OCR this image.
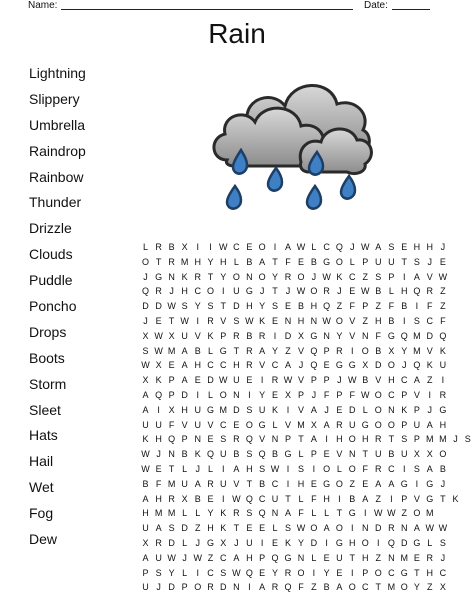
Name:	Date:
Rain
Lightning
Slippery
Umbrella
Raindrop
Rainbow
Thunder
Drizzle
Clouds
Puddle
Poncho
Drops
Boots
Storm
Sleet
Hats
Hail
Wet
Fog
Dew
L	R	B	X	I	I	W	C	E	O	I	A	W	L	C	Q	J	W	A	S	E	H	H	J		
O	T	R	M	H	Y	H	L	B	A	T	F	E	B	G	O	L	P	U	U	T	S	J	E		
J	G	N	K	R	T	Y	O	N	O	Y	R	O	J	W	K	C	Z	S	P	I	A	V	W		
Q	R	J	H	C	O	I	U	G	J	T	J	W	O	R	J	E	W	B	L	H	Q	R	Z		
D	D	W	S	Y	S	T	D	H	Y	S	E	B	H	Q	Z	F	P	Z	F	B	I	F	Z		
J	E	T	W	I	R	V	S	W	K	E	N	H	N	W	O	V	Z	H	B	I	S	C	F		
X	W	X	U	V	K	P	R	B	R	I	D	X	G	N	Y	V	N	F	G	Q	M	D	Q		
S	W	M	A	B	L	G	T	R	A	Y	Z	V	Q	P	R	I	O	B	X	Y	M	V	K		
W	X	E	A	H	C	C	H	R	V	C	A	J	Q	E	G	G	X	D	O	J	Q	K	U		
X	K	P	A	E	D	W	U	E	I	R	W	V	P	P	J	W	B	V	H	C	A	Z	I		
A	Q	P	D	I	L	O	N	I	Y	E	X	P	J	F	P	F	W	O	C	P	V	I	R		
A	I	X	H	U	G	M	D	S	U	K	I	V	A	J	E	D	L	O	N	K	P	J	G		
U	U	F	V	U	V	C	E	O	G	L	V	M	X	A	R	U	G	O	O	P	U	A	H		
K	H	Q	P	N	E	S	R	Q	V	N	P	T	A	I	H	O	H	R	T	S	P	M	M	J	S
W	J	N	B	K	Q	U	B	S	Q	B	G	L	P	E	V	N	T	U	B	U	X	X	O		
W	E	T	L	J	L	I	A	H	S	W	I	S	I	O	L	O	F	R	C	I	S	A	B		
B	F	M	U	A	R	U	V	T	B	C	I	H	E	G	O	Z	E	A	A	G	I	G	J		
A	H	R	X	B	E	I	W	Q	C	U	T	L	F	H	I	B	A	Z	I	P	V	G	T	K	
H	M	M	L	L	Y	K	R	S	Q	N	A	F	L	L	T	G	I	W	W	Z	O	M			
U	A	S	D	Z	H	K	T	E	E	L	S	W	O	A	O	I	N	D	R	N	A	W	W		
X	R	D	L	J	G	X	J	U	I	E	K	Y	D	I	G	H	O	I	Q	D	G	L	S		
A	U	W	J	W	Z	C	A	H	P	Q	G	N	L	E	U	T	H	Z	N	M	E	R	J		
P	S	Y	L	I	C	S	W	Q	E	Y	R	O	I	Y	E	I	P	O	C	G	T	H	C		
U	J	D	P	O	R	D	N	I	A	R	Q	F	Z	B	A	O	C	T	M	O	Y	Z	X		
